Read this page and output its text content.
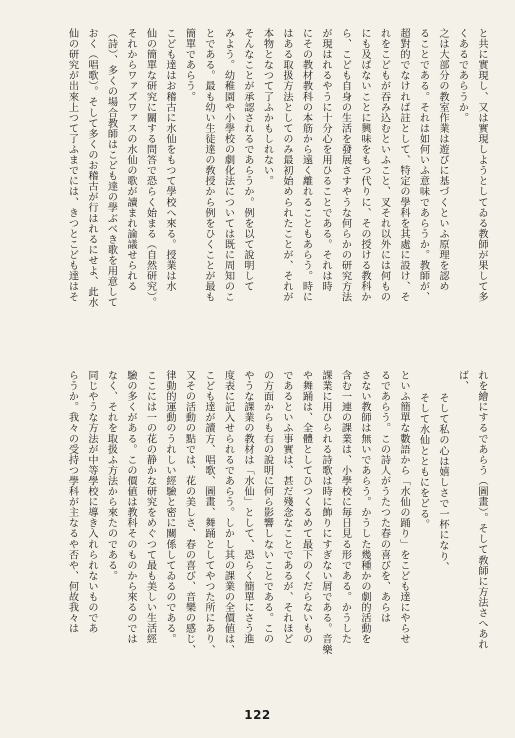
と共に實現し、又は實現しようとしてゐる教師が果して多

くあるであらうか。

之は大部分の教室作業は遊びに基づくといふ原理を認め

ることである。それは如何いふ意味であらうか。教師が、

超對的でなければ註として、特定の學科を其處に設け、そ

れをこどもが吞み込むといふこと、叉それ以外には何もの

にも及ばないことに興味をもつ代りに、その授ける教科か

ら、こども自身の生活を發展さすやうな何らかの研究方法

が現はれるやうに十分心を用ひることである。それは時

にその教材教科の本筋から遠く離れることもあらう。時に

はある取扱方法としてのみ最初始められたことが、それが

本物となつて了ふかもしれない。

そんなことが承認されるであらうか。例を以て說明して

みよう。幼稚園や小學校の劇化法については既に周知のこ

とである。最も幼い生徒達の敎授から例をひくことが最も

簡單であらう。

こども達はお稽古に水仙をもつて學校へ來る。授業は水

仙の簡單な研究に關する問答で恐らく始まる（自然研究）。

それからワァズワァスの水仙の歌が讀まれ論議せられる

（詩）、多くの場合教師はこども達の學ぶべき歌を用意して

おく（唱歌）。そして多くのお稽古が行はれるにせよ、此水

仙の研究が出來上つて了ふまでには、きつとこども達はそ

れを繪にするであらう（圖畫）。そして敎師に方法さへあれ

ば、

　そして私の心は嬉しさで一杯になり、

　そして水仙とともにをどる。

といふ簡單な數語から「水仙の踊り」をこども達にやらせ

るであらう。この詩人がうたつた春の喜びを、あらは

さない教師は無いであらう。かうした幾種かの劇的活動を

含む一連の課業は、小學校に毎日見る形である。かうした

課業に用ひられる詩歌は時に飾りにすぎない屑である。音樂

や舞踊は、全體としてひつくるめて最下のくだらないもの

であるといふ事實は、甚だ殘念なことであるが、それほど

の方面からも右の說明に何ら影響しないことである。この

やうな課業の教材は「水仙」として、恐らく簡單にさう進

度表に記入せられるであらう。しかし其の課業の全價値は、

こども達が讀方、唱歌、圖畫、舞踊としてやつた所にあり、

又その活動の點では、花の美しさ、春の喜び、音樂の感じ、

律動的運動のうれしい經驗と密に關係してゐるのである。

ここには一の花の静かな研究をめぐつて最も美しい生活經

驗の多くがある。この價値は教科そのものから來るのでは

なく、それを取扱ふ方法から來たのである。

同じやうな方法が中等學校に導き入れられないものであ

らうか。我々の受持つ學科が主なるや否や、何故我々は

122
